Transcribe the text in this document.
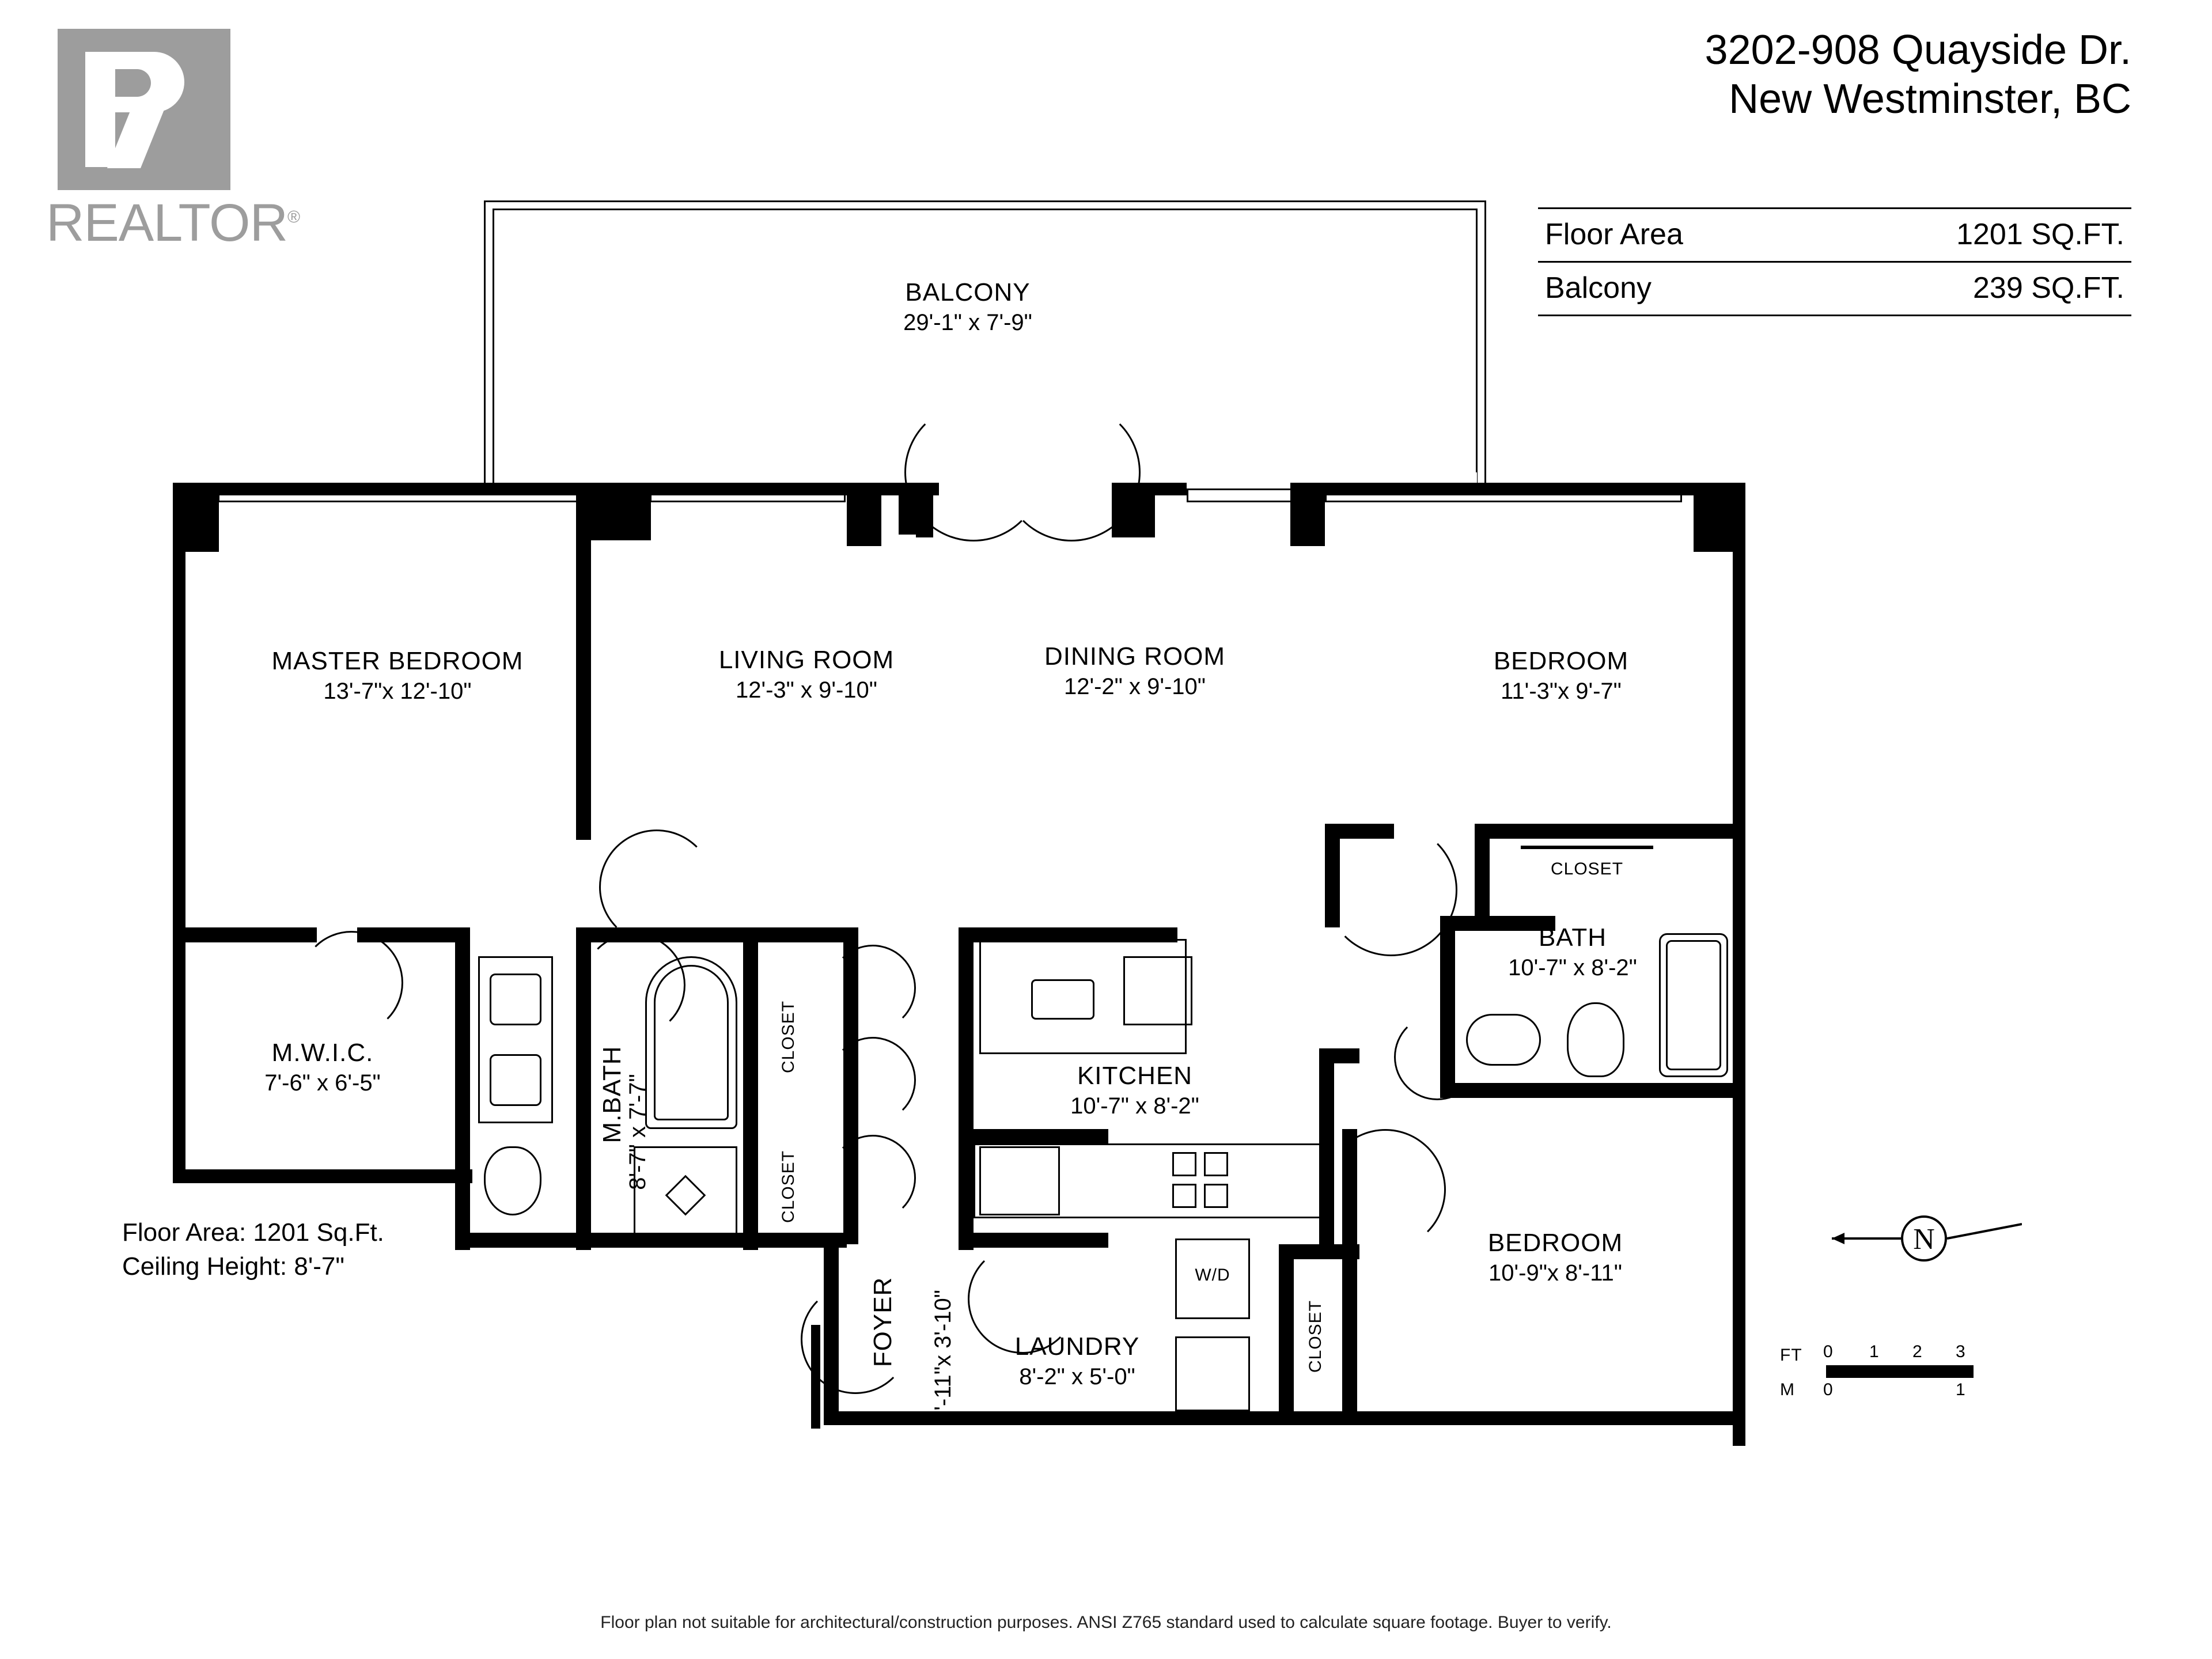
REALTOR®
3202-908 Quayside Dr.
New Westminster, BC
Floor Area	1201 SQ.FT.
Balcony	239 SQ.FT.
W/D
BALCONY
29'-1" x 7'-9"
MASTER BEDROOM
13'-7"x 12'-10"
LIVING ROOM
12'-3" x 9'-10"
DINING ROOM
12'-2" x 9'-10"
BEDROOM
11'-3"x 9'-7"
BEDROOM
10'-9"x 8'-11"
M.W.I.C.
7'-6" x 6'-5"	M.BATH
8'-7" x 7'-7"	KITCHEN
10'-7" x 8'-2"
BATH
10'-7" x 8'-2"
LAUNDRY
8'-2" x 5'-0"
FOYER 7'-11"x 3'-10"
CLOSET
CLOSET
CLOSET
CLOSET
Floor Area: 1201 Sq.Ft.
Ceiling Height: 8'-7"
N
FT 0 1 2 3
M 0	1
Floor plan not suitable for architectural/construction purposes. ANSI Z765 standard used to calculate square footage. Buyer to verify.
